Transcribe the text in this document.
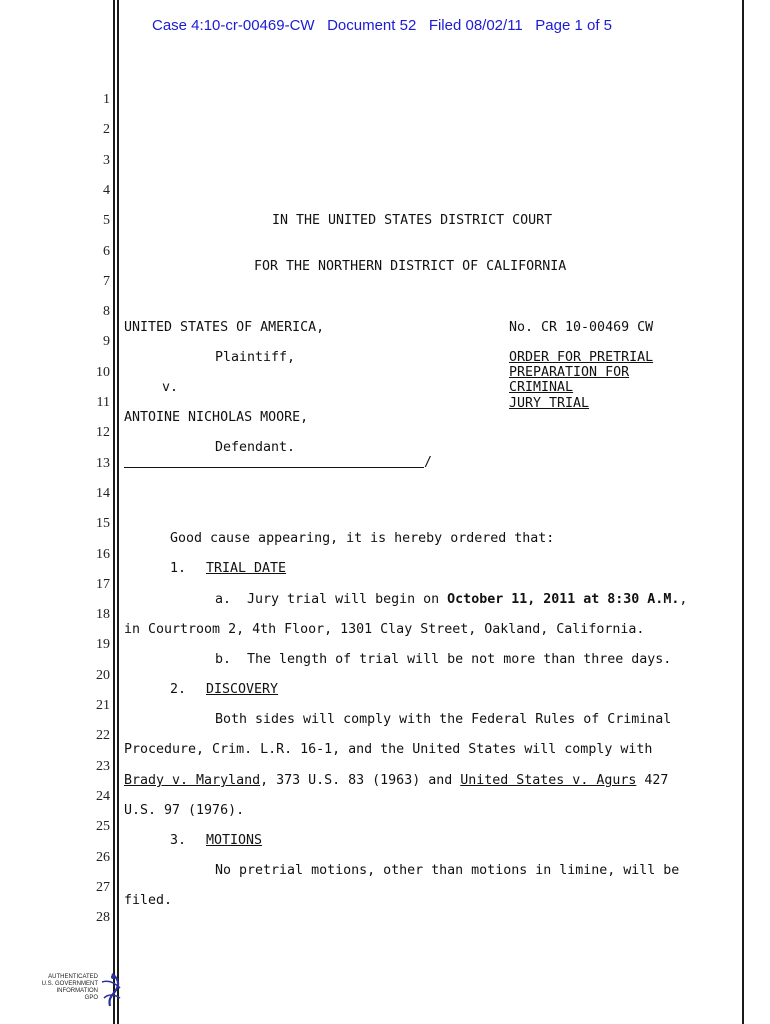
Case 4:10-cr-00469-CW Document 52 Filed 08/02/11 Page 1 of 5
1
2
3
4
5
6
7
8
9
10
11
12
13
14
15
16
17
18
19
20
21
22
23
24
25
26
27
28
IN THE UNITED STATES DISTRICT COURT
FOR THE NORTHERN DISTRICT OF CALIFORNIA
UNITED STATES OF AMERICA,
Plaintiff,
v.
ANTOINE NICHOLAS MOORE,
Defendant.
/
No. CR 10-00469 CW
ORDER FOR PRETRIAL
PREPARATION FOR
CRIMINAL
JURY TRIAL
Good cause appearing, it is hereby ordered that:
1. TRIAL DATE
a.  Jury trial will begin on October 11, 2011 at 8:30 A.M.,
in Courtroom 2, 4th Floor, 1301 Clay Street, Oakland, California.
b.  The length of trial will be not more than three days.
2. DISCOVERY
Both sides will comply with the Federal Rules of Criminal
Procedure, Crim. L.R. 16-1, and the United States will comply with
Brady v. Maryland, 373 U.S. 83 (1963) and United States v. Agurs 427
U.S. 97 (1976).
3. MOTIONS
No pretrial motions, other than motions in limine, will be
filed.
AUTHENTICATED
U.S. GOVERNMENT
INFORMATION
GPO
